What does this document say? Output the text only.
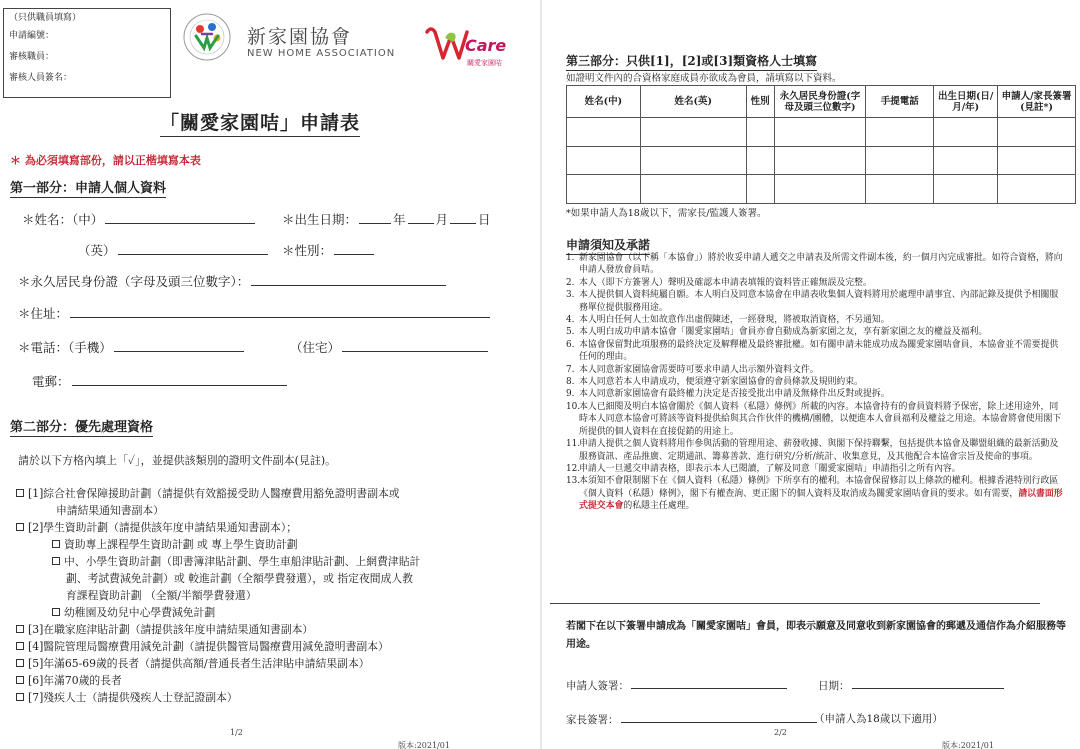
（只供職員填寫）
申請編號：
審核職員：
審核人員簽名：
新家園協會
NEW HOME ASSOCIATION	Care
關愛家園咭
「關愛家園咭」申請表
＊ 為必須填寫部份，請以正楷填寫本表
第一部分：申請人個人資料
＊姓名：（中）	＊出生日期：	年 月 日
（英）	＊性別：
＊永久居民身份證（字母及頭三位數字）：
＊住址：
＊電話：（手機）	（住宅）
電郵：
第二部分：優先處理資格
請於以下方格內填上「✓」，並提供該類別的證明文件副本(見註)。
[1]綜合社會保障援助計劃（請提供有效豁援受助人醫療費用豁免證明書副本或
申請結果通知書副本）
[2]學生資助計劃（請提供該年度申請結果通知書副本）；
資助專上課程學生資助計劃 或 專上學生資助計劃
中、小學生資助計劃（即書簿津貼計劃、學生車船津貼計劃、上網費津貼計
劃、考試費減免計劃）或 較進計劃（全額學費發還），或 指定夜間成人教
育課程資助計劃 （全額/半額學費發還）
幼稚園及幼兒中心學費減免計劃
[3]在職家庭津貼計劃（請提供該年度申請結果通知書副本）
[4]醫院管理局醫療費用減免計劃（請提供醫管局醫療費用減免證明書副本）
[5]年滿65-69歲的長者（請提供高額/普通長者生活津貼申請結果副本）
[6]年滿70歲的長者
[7]殘疾人士（請提供殘疾人士登記證副本）
1/2
版本:2021/01
第三部分：只供[1]，[2]或[3]類資格人士填寫
如證明文件內的合資格家庭成員亦欲成為會員，請填寫以下資料。
姓名(中)	姓名(英)	性別	永久居民身份證(字母及頭三位數字)	手提電話	出生日期(日/月/年)	申請人/家長簽署(見註*)

*如果申請人為18歲以下，需家長/監護人簽署。
申請須知及承諾
1. 新家園協會（以下稱「本協會」）將於收妥申請人遞交之申請表及所需文件副本後，約一個月內完成審批。如符合資格，將向申請人發放會員咭。
2. 本人（即下方簽署人）聲明及確認本申請表填報的資料皆正確無誤及完整。
3. 本人提供個人資料純屬自願。本人明白及同意本協會在申請表收集個人資料將用於處理申請事宜、內部記錄及提供予相關服務單位提供服務用途。
4. 本人明白任何人士如故意作出虛假陳述，一經發現，將被取消資格，不另通知。
5. 本人明白成功申請本協會「關愛家園咭」會員亦會自動成為新家園之友，享有新家園之友的權益及福利。
6. 本協會保留對此項服務的最終決定及解釋權及最終審批權。如有關申請未能成功成為關愛家園咭會員，本協會並不需要提供任何的理由。
7. 本人同意新家園協會需要時可要求申請人出示額外資料文件。
8. 本人同意若本人申請成功，便須遵守新家園協會的會員條款及規則約束。
9. 本人同意新家園協會有最終權力決定是否接受批出申請及無條件出反對或提拆。
10.
本人已細閱及明白本協會關於《個人資料（私隱）條例》所載的內容。本協會持有的會員資料將予保密，除上述用途外，同時本人同意本協會可將該等資料提供給與其合作伙伴的機構/團體，以便進本人會員福利及權益之用途。本協會將會使用閣下所提供的個人資料在直接促銷的用途上。
11.
申請人提供之個人資料將用作參與活動的管理用途、薪發收據、與閣下保持聯繫，包括提供本協會及聯盟組織的最新活動及服務資訊、產品推廣、定期通訊、籌募善款、進行研究/分析/統計、收集意見，及其他配合本協會宗旨及使命的事項。
12.
申請人一旦遞交申請表格，即表示本人已閱讀，了解及同意「關愛家園咭」申請指引之所有內容。
13.
本須知不會限制閣下在《個人資料（私隱）條例》下所享有的權利。本協會保留修訂以上條款的權利。根據香港特別行政區《個人資料（私隱）條例》，閣下有權查詢、更正閣下的個人資料及取消成為關愛家園咭會員的要求。如有需要，請以書面形式提交本會的私隱主任處理。
若閣下在以下簽署申請成為「關愛家園咭」會員，即表示願意及同意收到新家園協會的郵遞及通信作為介紹服務等用途。
申請人簽署：	日期：
家長簽署：	（申請人為18歲以下適用）
2/2
版本:2021/01
